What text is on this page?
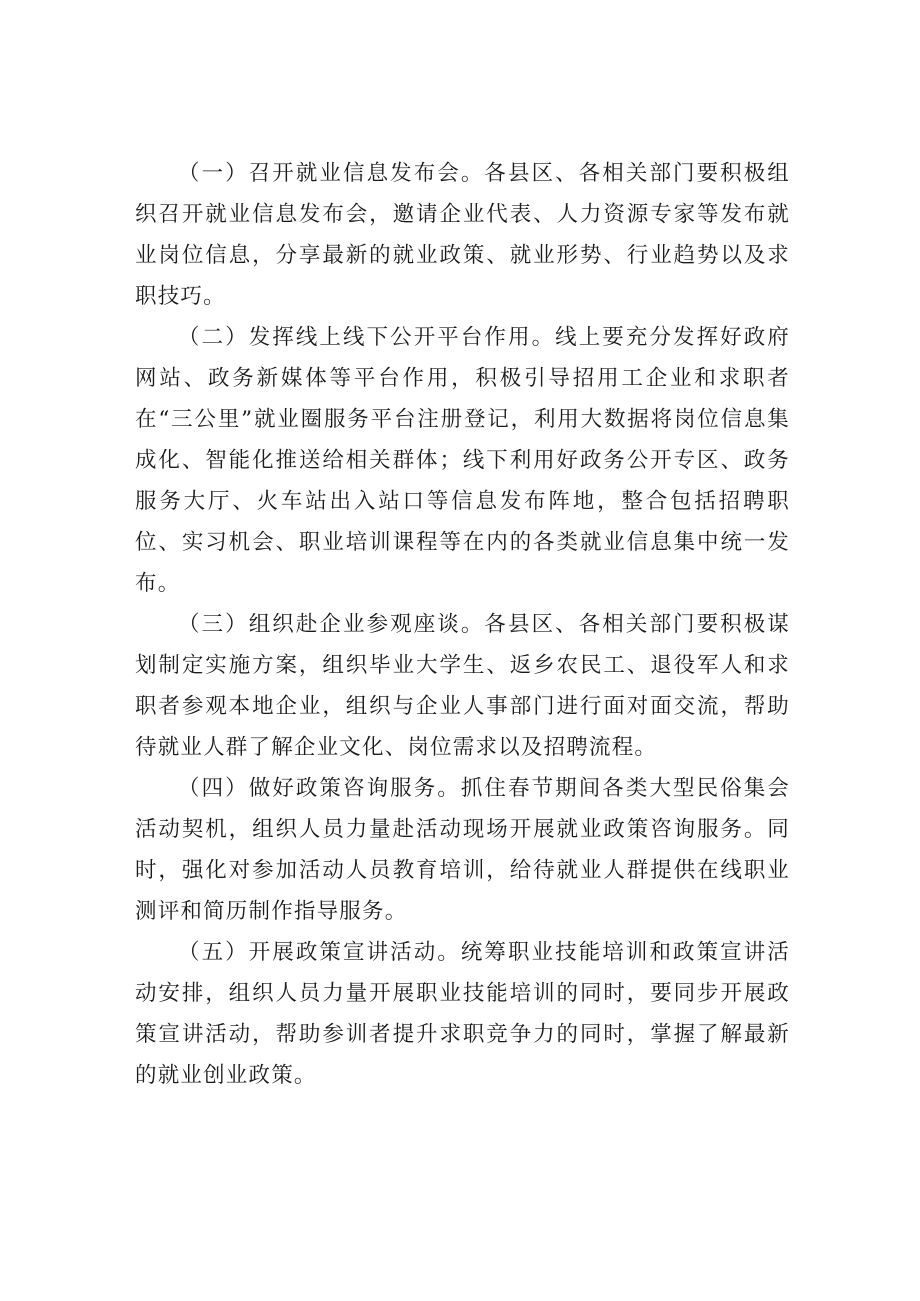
（一）召开就业信息发布会。各县区、各相关部门要积极组织召开就业信息发布会，邀请企业代表、人力资源专家等发布就业岗位信息，分享最新的就业政策、就业形势、行业趋势以及求职技巧。

（二）发挥线上线下公开平台作用。线上要充分发挥好政府网站、政务新媒体等平台作用，积极引导招用工企业和求职者在“三公里”就业圈服务平台注册登记，利用大数据将岗位信息集成化、智能化推送给相关群体；线下利用好政务公开专区、政务服务大厅、火车站出入站口等信息发布阵地，整合包括招聘职位、实习机会、职业培训课程等在内的各类就业信息集中统一发布。

（三）组织赴企业参观座谈。各县区、各相关部门要积极谋划制定实施方案，组织毕业大学生、返乡农民工、退役军人和求职者参观本地企业，组织与企业人事部门进行面对面交流，帮助待就业人群了解企业文化、岗位需求以及招聘流程。

（四）做好政策咨询服务。抓住春节期间各类大型民俗集会活动契机，组织人员力量赴活动现场开展就业政策咨询服务。同时，强化对参加活动人员教育培训，给待就业人群提供在线职业测评和简历制作指导服务。

（五）开展政策宣讲活动。统筹职业技能培训和政策宣讲活动安排，组织人员力量开展职业技能培训的同时，要同步开展政策宣讲活动，帮助参训者提升求职竞争力的同时，掌握了解最新的就业创业政策。
